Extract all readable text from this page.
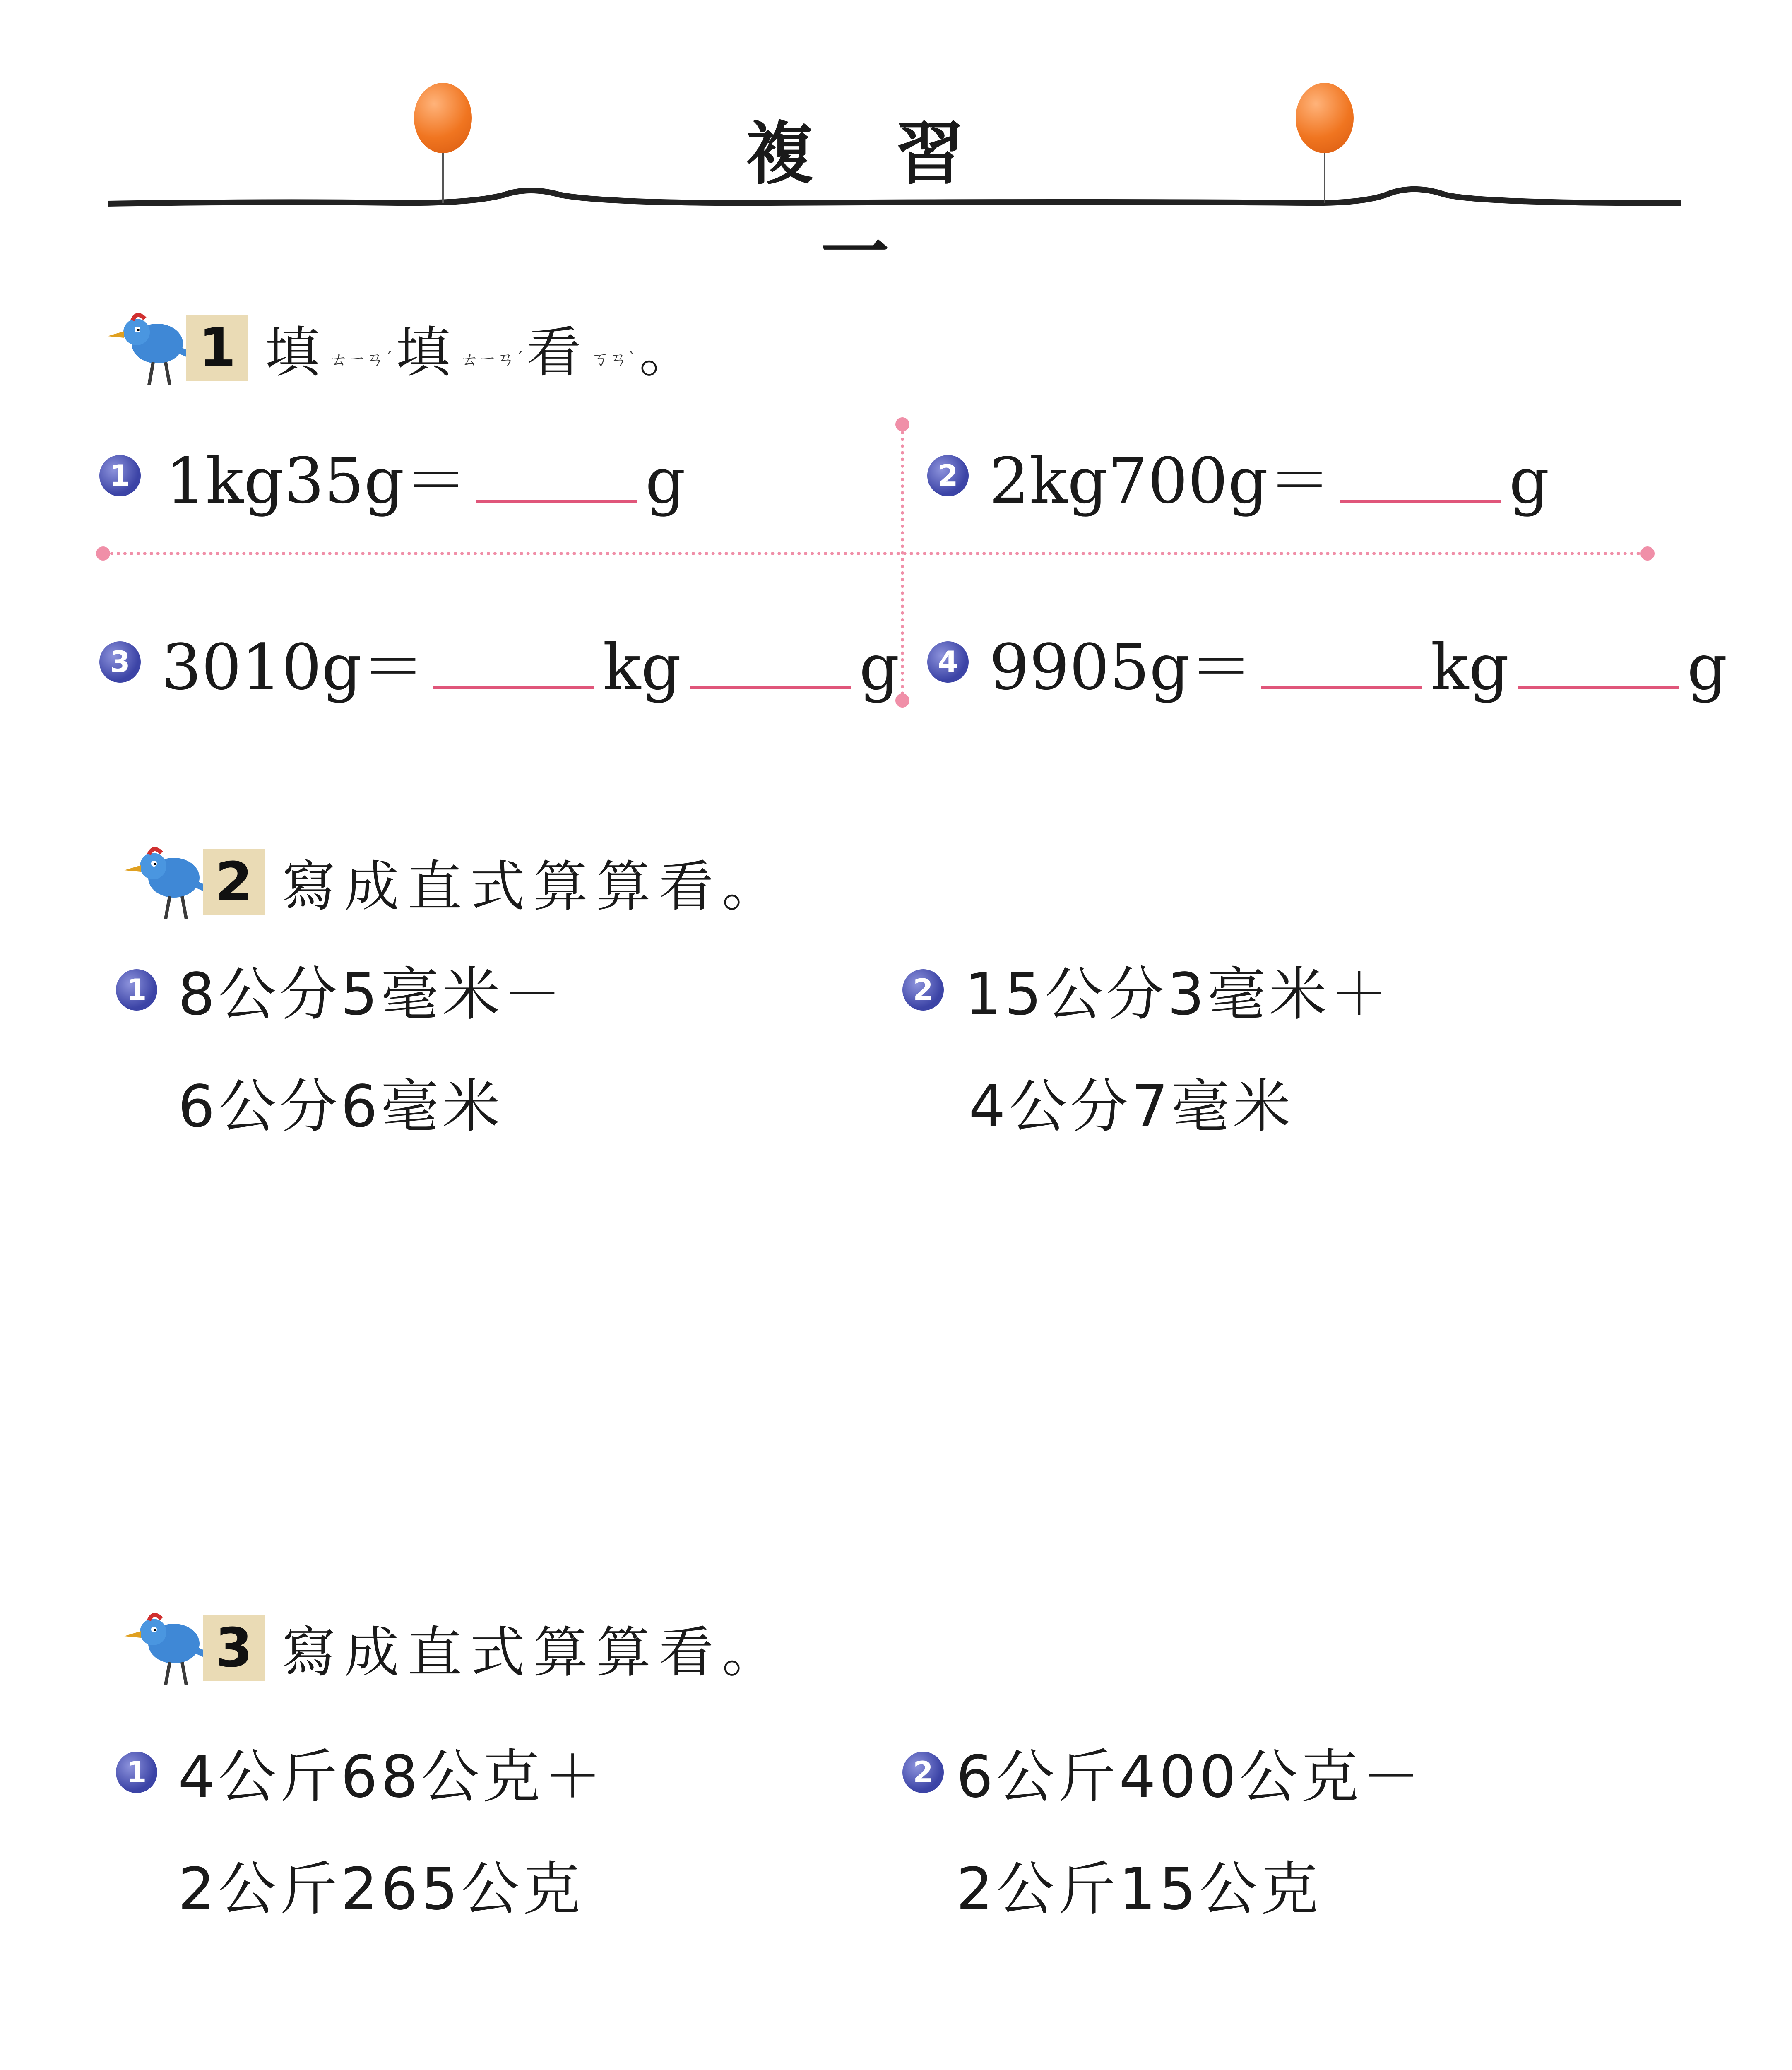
複 習 一
1 填ㄊㄧㄢˊ填ㄊㄧㄢˊ看ㄎㄢˋ。
1 1kg35g＝	g	2 2kg700g＝	g
3 3010g＝	kg	g	4 9905g＝	kg	g
2 寫成直式算算看。
1 8公分5毫米－
6公分6毫米
2 15公分3毫米＋
4公分7毫米
3 寫成直式算算看。
1 4公斤68公克＋
2公斤265公克
2 6公斤400公克－
2公斤15公克
